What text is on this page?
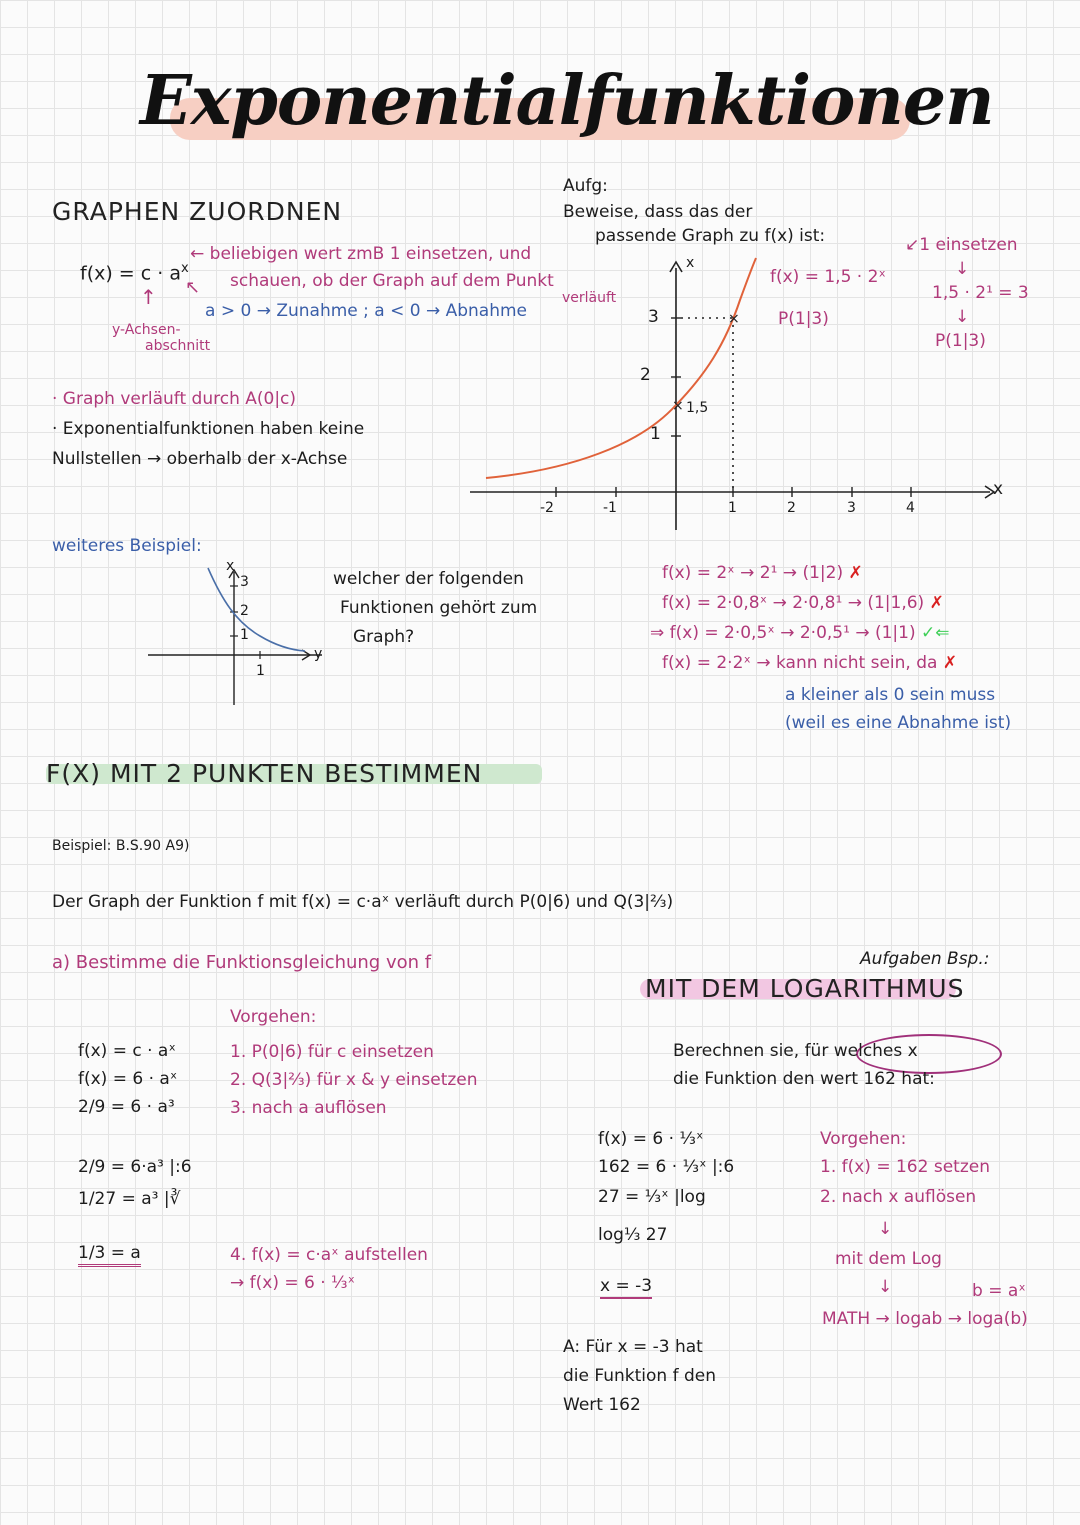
Exponentialfunktionen
GRAPHEN ZUORDNEN
$f(x) = c \cdot a^x$
← beliebigen wert zmB 1 einsetzen, und
schauen, ob der Graph auf dem Punkt
verläuft
a > 0 → Zunahme ; a < 0 → Abnahme
↑ ↖
y-Achsen-
abschnitt
· Graph verläuft durch A(0|c)
· Exponentialfunktionen haben keine
Nullstellen → oberhalb der x-Achse
Aufg:
Beweise, dass das der
passende Graph zu f(x) ist:
f(x) = 1,5 · 2ˣ
P(1|3)
↙1 einsetzen
↓
1,5 · 2¹ = 3
↓
P(1|3)
×
×
-2	-1	1	2	3	4
1
2
3
x
x
1,5
weiteres Beispiel:
3
2
1
1
x
y
welcher der folgenden
Funktionen gehört zum
Graph?
f(x) = 2ˣ → 2¹ → (1|2) ✗
f(x) = 2·0,8ˣ → 2·0,8¹ → (1|1,6) ✗
⇒ f(x) = 2·0,5ˣ → 2·0,5¹ → (1|1) ✓⇐
f(x) = 2·2ˣ → kann nicht sein, da ✗
a kleiner als 0 sein muss
(weil es eine Abnahme ist)
F(X) MIT 2 PUNKTEN BESTIMMEN
Beispiel: B.S.90 A9)
Der Graph der Funktion f mit f(x) = c·aˣ verläuft durch P(0|6) und Q(3|⅔)
a) Bestimme die Funktionsgleichung von f
f(x) = c · aˣ
f(x) = 6 · aˣ
2/9 = 6 · a³
2/9 = 6·a³ |:6
1/27 = a³ |∛
1/3 = a
Vorgehen:
1. P(0|6) für c einsetzen
2. Q(3|⅔) für x & y einsetzen
3. nach a auflösen
4. f(x) = c·aˣ aufstellen
→ f(x) = 6 · ⅓ˣ
Aufgaben Bsp.:
MIT DEM LOGARITHMUS
Berechnen sie, für welches x
die Funktion den wert 162 hat:
f(x) = 6 · ⅓ˣ
162 = 6 · ⅓ˣ |:6
27 = ⅓ˣ |log
log⅓ 27
x = -3
A: Für x = -3 hat
die Funktion f den
Wert 162
Vorgehen:
1. f(x) = 162 setzen
2. nach x auflösen
↓
mit dem Log
↓	b = aˣ
MATH → logab → loga(b)
